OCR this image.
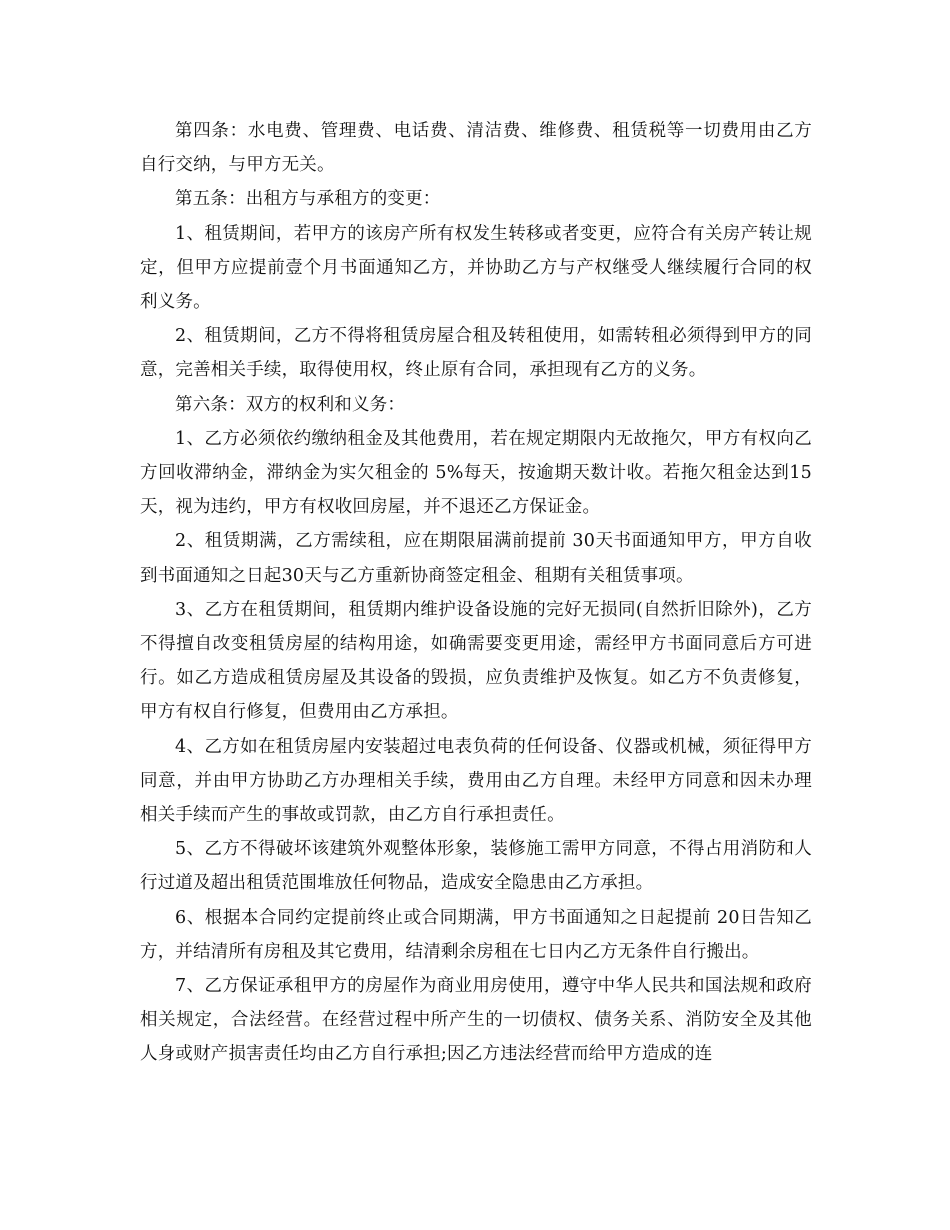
第四条：水电费、管理费、电话费、清洁费、维修费、租赁税等一切费用由乙方自行交纳，与甲方无关。

第五条：出租方与承租方的变更：

1、租赁期间，若甲方的该房产所有权发生转移或者变更，应符合有关房产转让规定，但甲方应提前壹个月书面通知乙方，并协助乙方与产权继受人继续履行合同的权利义务。

2、租赁期间，乙方不得将租赁房屋合租及转租使用，如需转租必须得到甲方的同意，完善相关手续，取得使用权，终止原有合同，承担现有乙方的义务。

第六条：双方的权利和义务：

1、乙方必须依约缴纳租金及其他费用，若在规定期限内无故拖欠，甲方有权向乙方回收滞纳金，滞纳金为实欠租金的 5%每天，按逾期天数计收。若拖欠租金达到15天，视为违约，甲方有权收回房屋，并不退还乙方保证金。

2、租赁期满，乙方需续租，应在期限届满前提前 30天书面通知甲方，甲方自收到书面通知之日起30天与乙方重新协商签定租金、租期有关租赁事项。

3、乙方在租赁期间，租赁期内维护设备设施的完好无损同(自然折旧除外)，乙方不得擅自改变租赁房屋的结构用途，如确需要变更用途，需经甲方书面同意后方可进行。如乙方造成租赁房屋及其设备的毁损，应负责维护及恢复。如乙方不负责修复，甲方有权自行修复，但费用由乙方承担。

4、乙方如在租赁房屋内安装超过电表负荷的任何设备、仪器或机械，须征得甲方同意，并由甲方协助乙方办理相关手续，费用由乙方自理。未经甲方同意和因未办理相关手续而产生的事故或罚款，由乙方自行承担责任。

5、乙方不得破坏该建筑外观整体形象，装修施工需甲方同意，不得占用消防和人行过道及超出租赁范围堆放任何物品，造成安全隐患由乙方承担。

6、根据本合同约定提前终止或合同期满，甲方书面通知之日起提前 20日告知乙方，并结清所有房租及其它费用，结清剩余房租在七日内乙方无条件自行搬出。

7、乙方保证承租甲方的房屋作为商业用房使用，遵守中华人民共和国法规和政府相关规定，合法经营。在经营过程中所产生的一切债权、债务关系、消防安全及其他人身或财产损害责任均由乙方自行承担;因乙方违法经营而给甲方造成的连
